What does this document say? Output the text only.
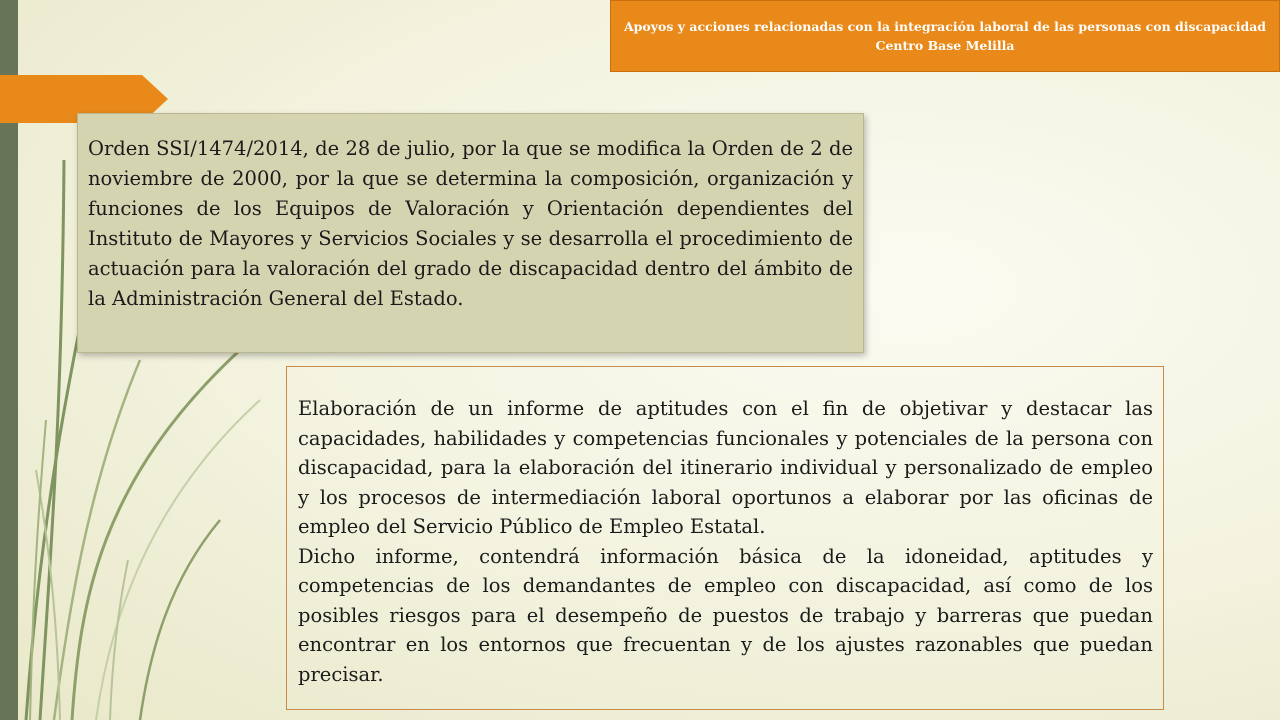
Apoyos y acciones relacionadas con la integración laboral de las personas con discapacidad
Centro Base Melilla
Orden SSI/1474/2014, de 28 de julio, por la que se modifica la Orden de 2 de noviembre de 2000, por la que se determina la composición, organización y funciones de los Equipos de Valoración y Orientación dependientes del Instituto de Mayores y Servicios Sociales y se desarrolla el procedimiento de actuación para la valoración del grado de discapacidad dentro del ámbito de la Administración General del Estado.

Elaboración de un informe de aptitudes con el fin de objetivar y destacar las capacidades, habilidades y competencias funcionales y potenciales de la persona con discapacidad, para la elaboración del itinerario individual y personalizado de empleo y los procesos de intermediación laboral oportunos a elaborar por las oficinas de empleo del Servicio Público de Empleo Estatal.

Dicho informe, contendrá información básica de la idoneidad, aptitudes y competencias de los demandantes de empleo con discapacidad, así como de los posibles riesgos para el desempeño de puestos de trabajo y barreras que puedan encontrar en los entornos que frecuentan y de los ajustes razonables que puedan precisar.
